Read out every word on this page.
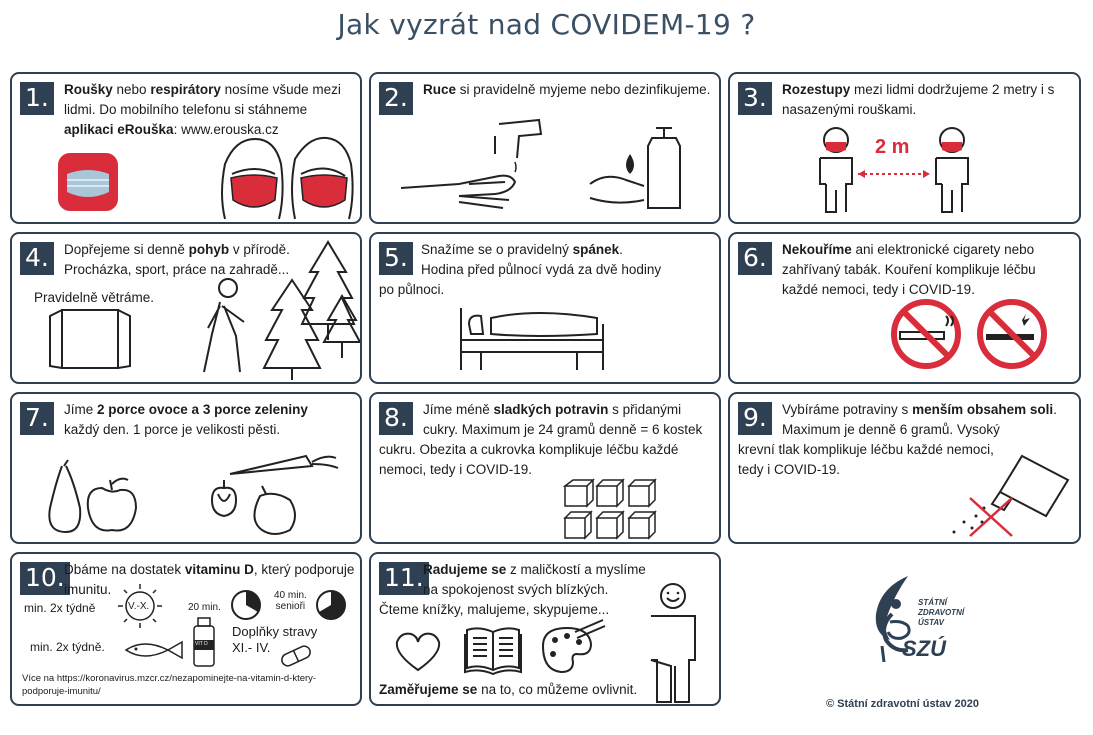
Jak vyzrát nad COVIDEM-19 ?
1.	Roušky nebo respirátory nosíme všude mezi lidmi. Do mobilního telefonu si stáhneme aplikaci eRouška: www.erouska.cz
2.	Ruce si pravidelně myjeme nebo dezinfikujeme. 3.	Rozestupy mezi lidmi dodržujeme 2 metry i s nasazenými rouškami.
2 m
4.	Dopřejeme si denně pohyb v přírodě.
Procházka, sport, práce na zahradě...
Pravidelně větráme.
5. Snažíme se o pravidelný spánek.
Hodina před půlnocí vydá za dvě hodiny
po půlnoci.
6.	Nekouříme ani elektronické cigarety nebo
zahřívaný tabák. Kouření komplikuje léčbu
každé nemoci, tedy i COVID-19.
7.	Jíme 2 porce ovoce a 3 porce zeleniny
každý den. 1 porce je velikosti pěsti.	8.	Jíme méně sladkých potravin s přidanými
cukry. Maximum je 24 gramů denně = 6 kostek
cukru. Obezita a cukrovka komplikuje léčbu každé
nemoci, tedy i COVID-19.
9.	Vybíráme potraviny s menším obsahem soli.
Maximum je denně 6 gramů. Vysoký
krevní tlak komplikuje léčbu každé nemoci,
tedy i COVID-19.
10. Dbáme na dostatek vitaminu D, který podporuje
imunitu.
min. 2x týdně	V.-X.	20 min.
40 min.
senioři
min. 2x týdně.	VIT D
Doplňky stravy
XI.- IV.
Více na https://koronavirus.mzcr.cz/nezapominejte-na-vitamin-d-ktery-
podporuje-imunitu/
11. Radujeme se z maličkostí a myslíme
na spokojenost svých blízkých.
Čteme knížky, malujeme, skypujeme...
Zaměřujeme se na to, co můžeme ovlivnit.
STÁTNÍ
ZDRAVOTNÍ
ÚSTAV
SZÚ
© Státní zdravotní ústav 2020
